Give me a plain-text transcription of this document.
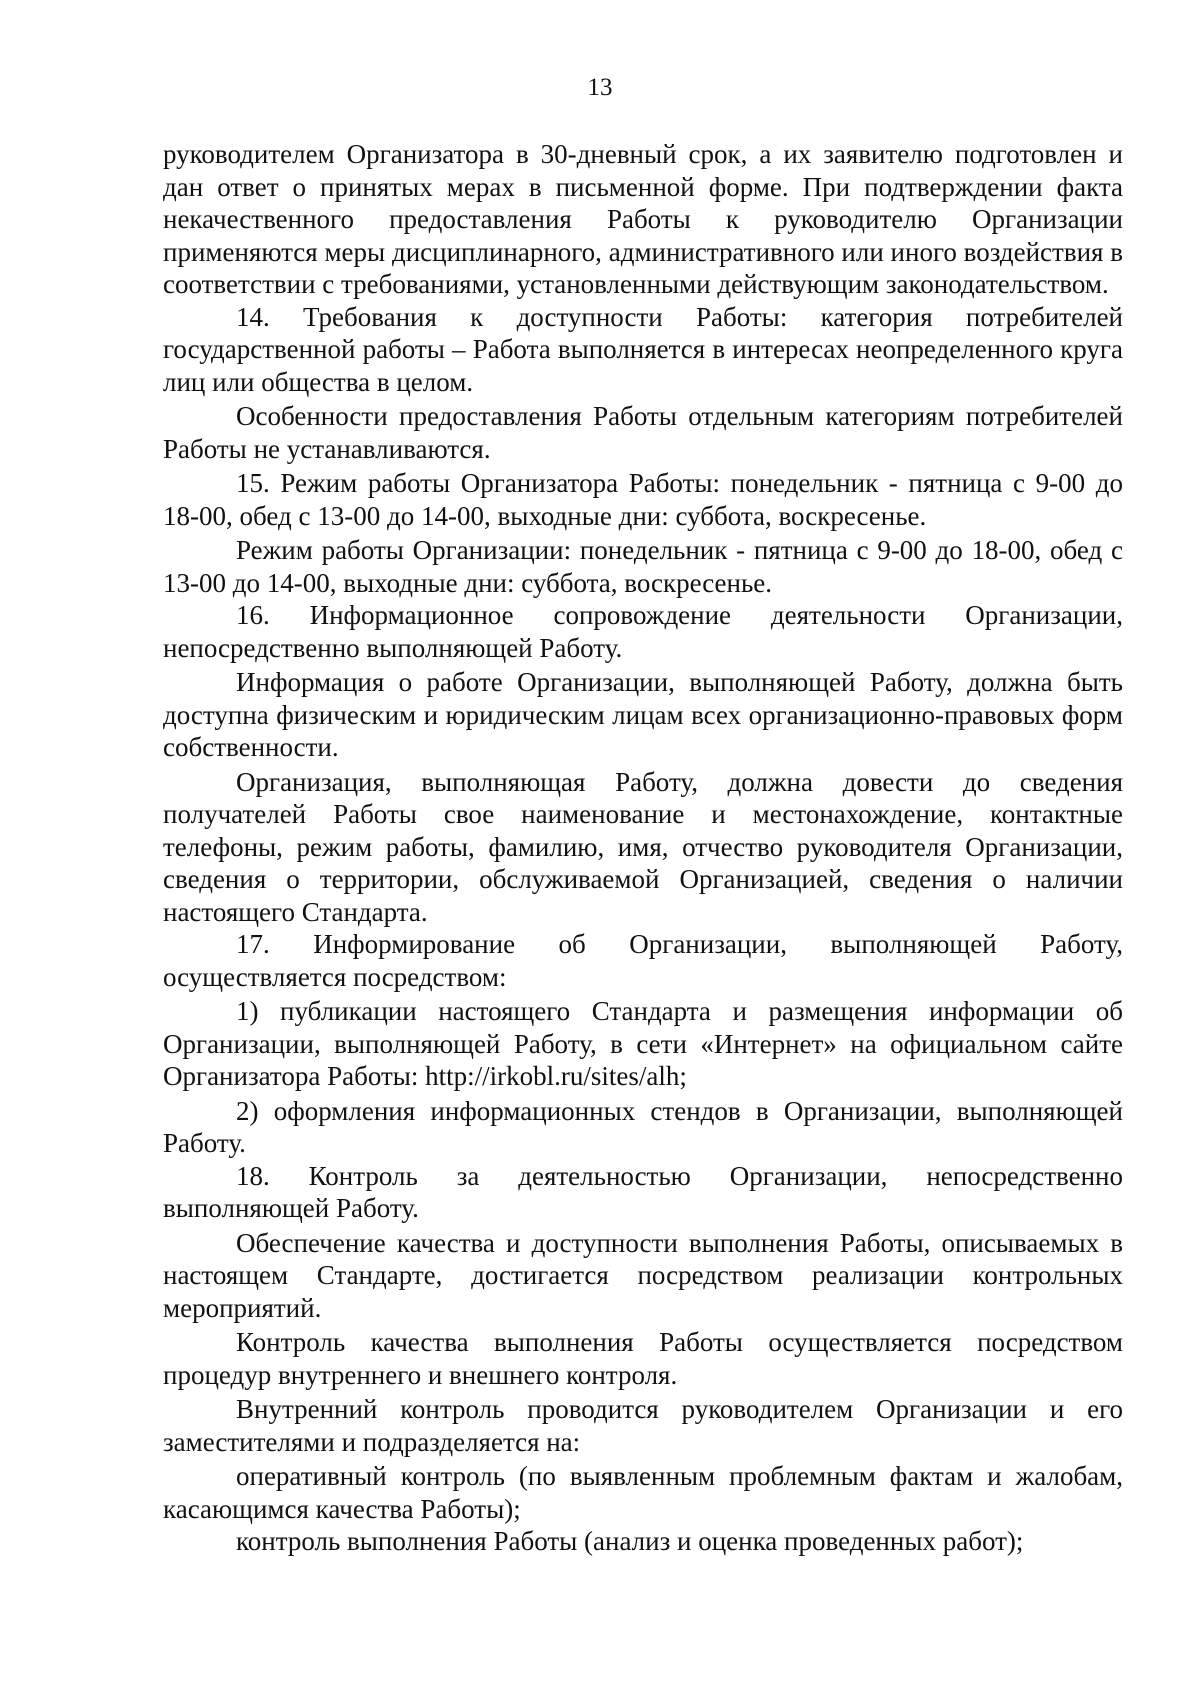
13

руководителем Организатора в 30-дневный срок, а их заявителю подготовлен и дан ответ о принятых мерах в письменной форме. При подтверждении факта некачественного предоставления Работы к руководителю Организации применяются меры дисциплинарного, административного или иного воздействия в соответствии с требованиями, установленными действующим законодательством.

14. Требования к доступности Работы: категория потребителей государственной работы – Работа выполняется в интересах неопределенного круга лиц или общества в целом.

Особенности предоставления Работы отдельным категориям потребителей Работы не устанавливаются.

15. Режим работы Организатора Работы: понедельник - пятница с 9-00 до 18-00, обед с 13-00 до 14-00, выходные дни: суббота, воскресенье.

Режим работы Организации: понедельник - пятница с 9-00 до 18-00, обед с 13-00 до 14-00, выходные дни: суббота, воскресенье.

16. Информационное сопровождение деятельности Организации, непосредственно выполняющей Работу.

Информация о работе Организации, выполняющей Работу, должна быть доступна физическим и юридическим лицам всех организационно-правовых форм собственности.

Организация, выполняющая Работу, должна довести до сведения получателей Работы свое наименование и местонахождение, контактные телефоны, режим работы, фамилию, имя, отчество руководителя Организации, сведения о территории, обслуживаемой Организацией, сведения о наличии настоящего Стандарта.

17. Информирование об Организации, выполняющей Работу, осуществляется посредством:

1) публикации настоящего Стандарта и размещения информации об Организации, выполняющей Работу, в сети «Интернет» на официальном сайте Организатора Работы: http://irkobl.ru/sites/alh;

2) оформления информационных стендов в Организации, выполняющей Работу.

18. Контроль за деятельностью Организации, непосредственно выполняющей Работу.

Обеспечение качества и доступности выполнения Работы, описываемых в настоящем Стандарте, достигается посредством реализации контрольных мероприятий.

Контроль качества выполнения Работы осуществляется посредством процедур внутреннего и внешнего контроля.

Внутренний контроль проводится руководителем Организации и его заместителями и подразделяется на:

оперативный контроль (по выявленным проблемным фактам и жалобам, касающимся качества Работы);

контроль выполнения Работы (анализ и оценка проведенных работ);
